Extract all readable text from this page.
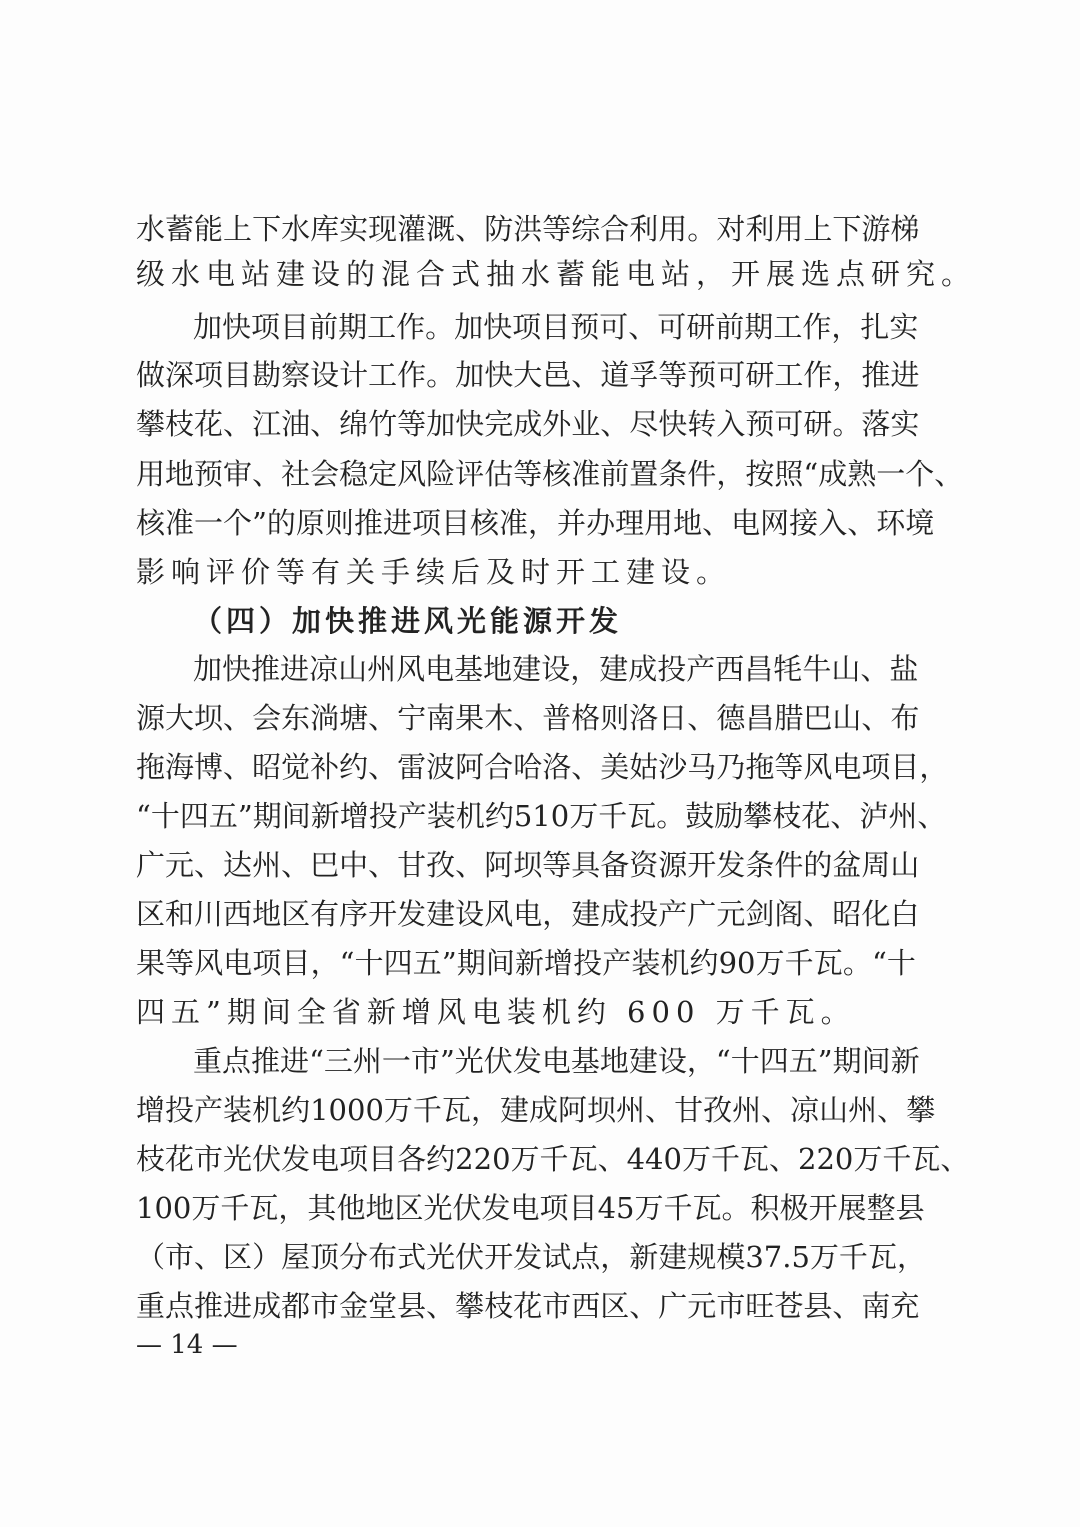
水 蓄 能 上 下 水 库 实 现 灌 溉 、 防 洪 等 综 合 利 用 。 对 利 用 上 下 游 梯
级水电站建设的混合式抽水蓄能电站，开展选点研究。
加 快 项 目 前 期 工 作 。 加 快 项 目 预 可 、 可 研 前 期 工 作 ， 扎 实
做 深 项 目 勘 察 设 计 工 作 。 加 快 大 邑 、 道 孚 等 预 可 研 工 作 ， 推 进
攀 枝 花 、 江 油 、 绵 竹 等 加 快 完 成 外 业 、 尽 快 转 入 预 可 研 。 落 实
用 地 预 审 、 社 会 稳 定 风 险 评 估 等 核 准 前 置 条 件 ， 按 照 “ 成 熟 一 个 、
核 准 一 个 ” 的 原 则 推 进 项 目 核 准 ， 并 办 理 用 地 、 电 网 接 入 、 环 境
影响评价等有关手续后及时开工建设。
（四）加快推进风光能源开发
加 快 推 进 凉 山 州 风 电 基 地 建 设 ， 建 成 投 产 西 昌 牦 牛 山 、 盐
源 大 坝 、 会 东 淌 塘 、 宁 南 果 木 、 普 格 则 洛 日 、 德 昌 腊 巴 山 、 布
拖 海 博 、 昭 觉 补 约 、 雷 波 阿 合 哈 洛 、 美 姑 沙 马 乃 拖 等 风 电 项 目 ，
“ 十 四 五 ” 期 间 新 增 投 产 装 机 约 510 万 千 瓦 。 鼓 励 攀 枝 花 、 泸 州 、
广 元 、 达 州 、 巴 中 、 甘 孜 、 阿 坝 等 具 备 资 源 开 发 条 件 的 盆 周 山
区 和 川 西 地 区 有 序 开 发 建 设 风 电 ， 建 成 投 产 广 元 剑 阁 、 昭 化 白
果 等 风 电 项 目 ， “ 十 四 五 ” 期 间 新 增 投 产 装 机 约 90 万 千 瓦 。 “ 十
四五”期间全省新增风电装机约 600 万千瓦。
重 点 推 进 “ 三 州 一 市 ” 光 伏 发 电 基 地 建 设 ， “ 十 四 五 ” 期 间 新
增 投 产 装 机 约 1000 万 千 瓦 ， 建 成 阿 坝 州 、 甘 孜 州 、 凉 山 州 、 攀
枝 花 市 光 伏 发 电 项 目 各 约 220 万 千 瓦 、 440 万 千 瓦 、 220 万 千 瓦 、
100 万 千 瓦 ， 其 他 地 区 光 伏 发 电 项 目 45 万 千 瓦 。 积 极 开 展 整 县
（ 市 、 区 ） 屋 顶 分 布 式 光 伏 开 发 试 点 ， 新 建 规 模 37.5 万 千 瓦 ，
重 点 推 进 成 都 市 金 堂 县 、 攀 枝 花 市 西 区 、 广 元 市 旺 苍 县 、 南 充
— 14 —
